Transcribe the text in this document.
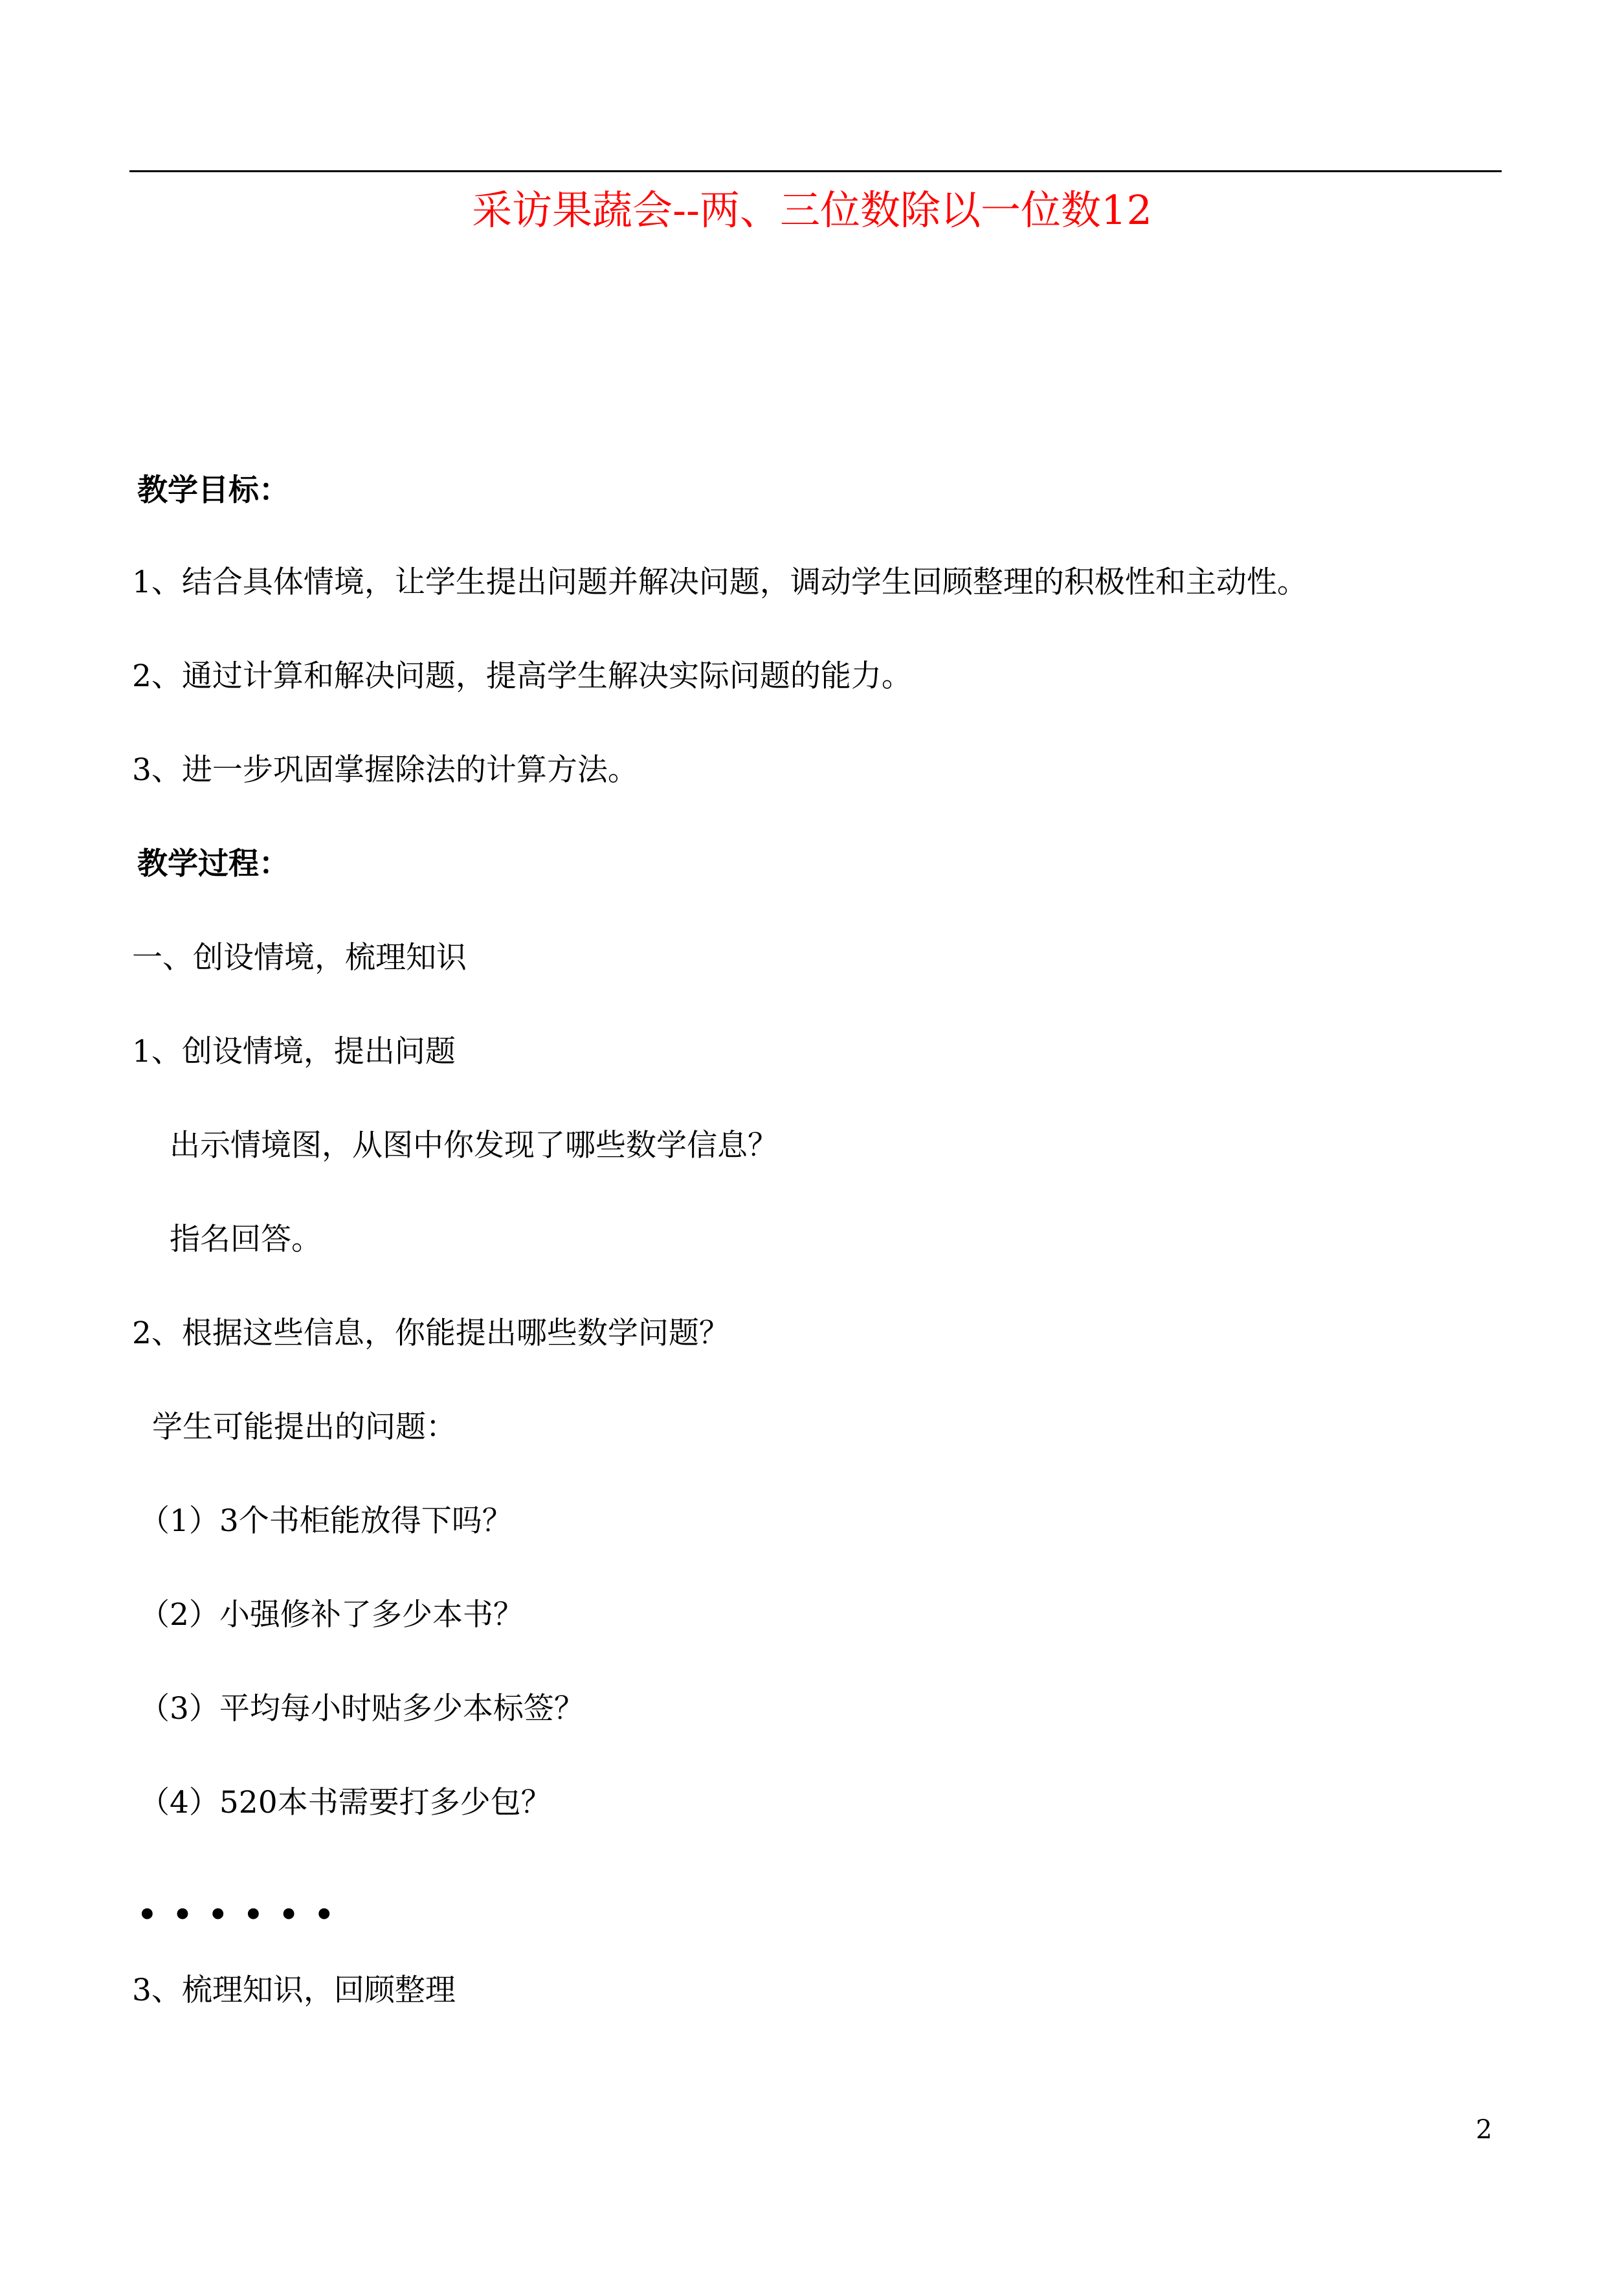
采访果蔬会--两、三位数除以一位数12
教学目标：
1、结合具体情境，让学生提出问题并解决问题，调动学生回顾整理的积极性和主动性。
2、通过计算和解决问题，提高学生解决实际问题的能力。
3、进一步巩固掌握除法的计算方法。
教学过程：
一、创设情境，梳理知识
1、创设情境，提出问题
出示情境图，从图中你发现了哪些数学信息？
指名回答。
2、根据这些信息，你能提出哪些数学问题？
学生可能提出的问题：
（1）3个书柜能放得下吗？
（2）小强修补了多少本书？
（3）平均每小时贴多少本标签？
（4）520本书需要打多少包？
••••••
3、梳理知识，回顾整理
2
